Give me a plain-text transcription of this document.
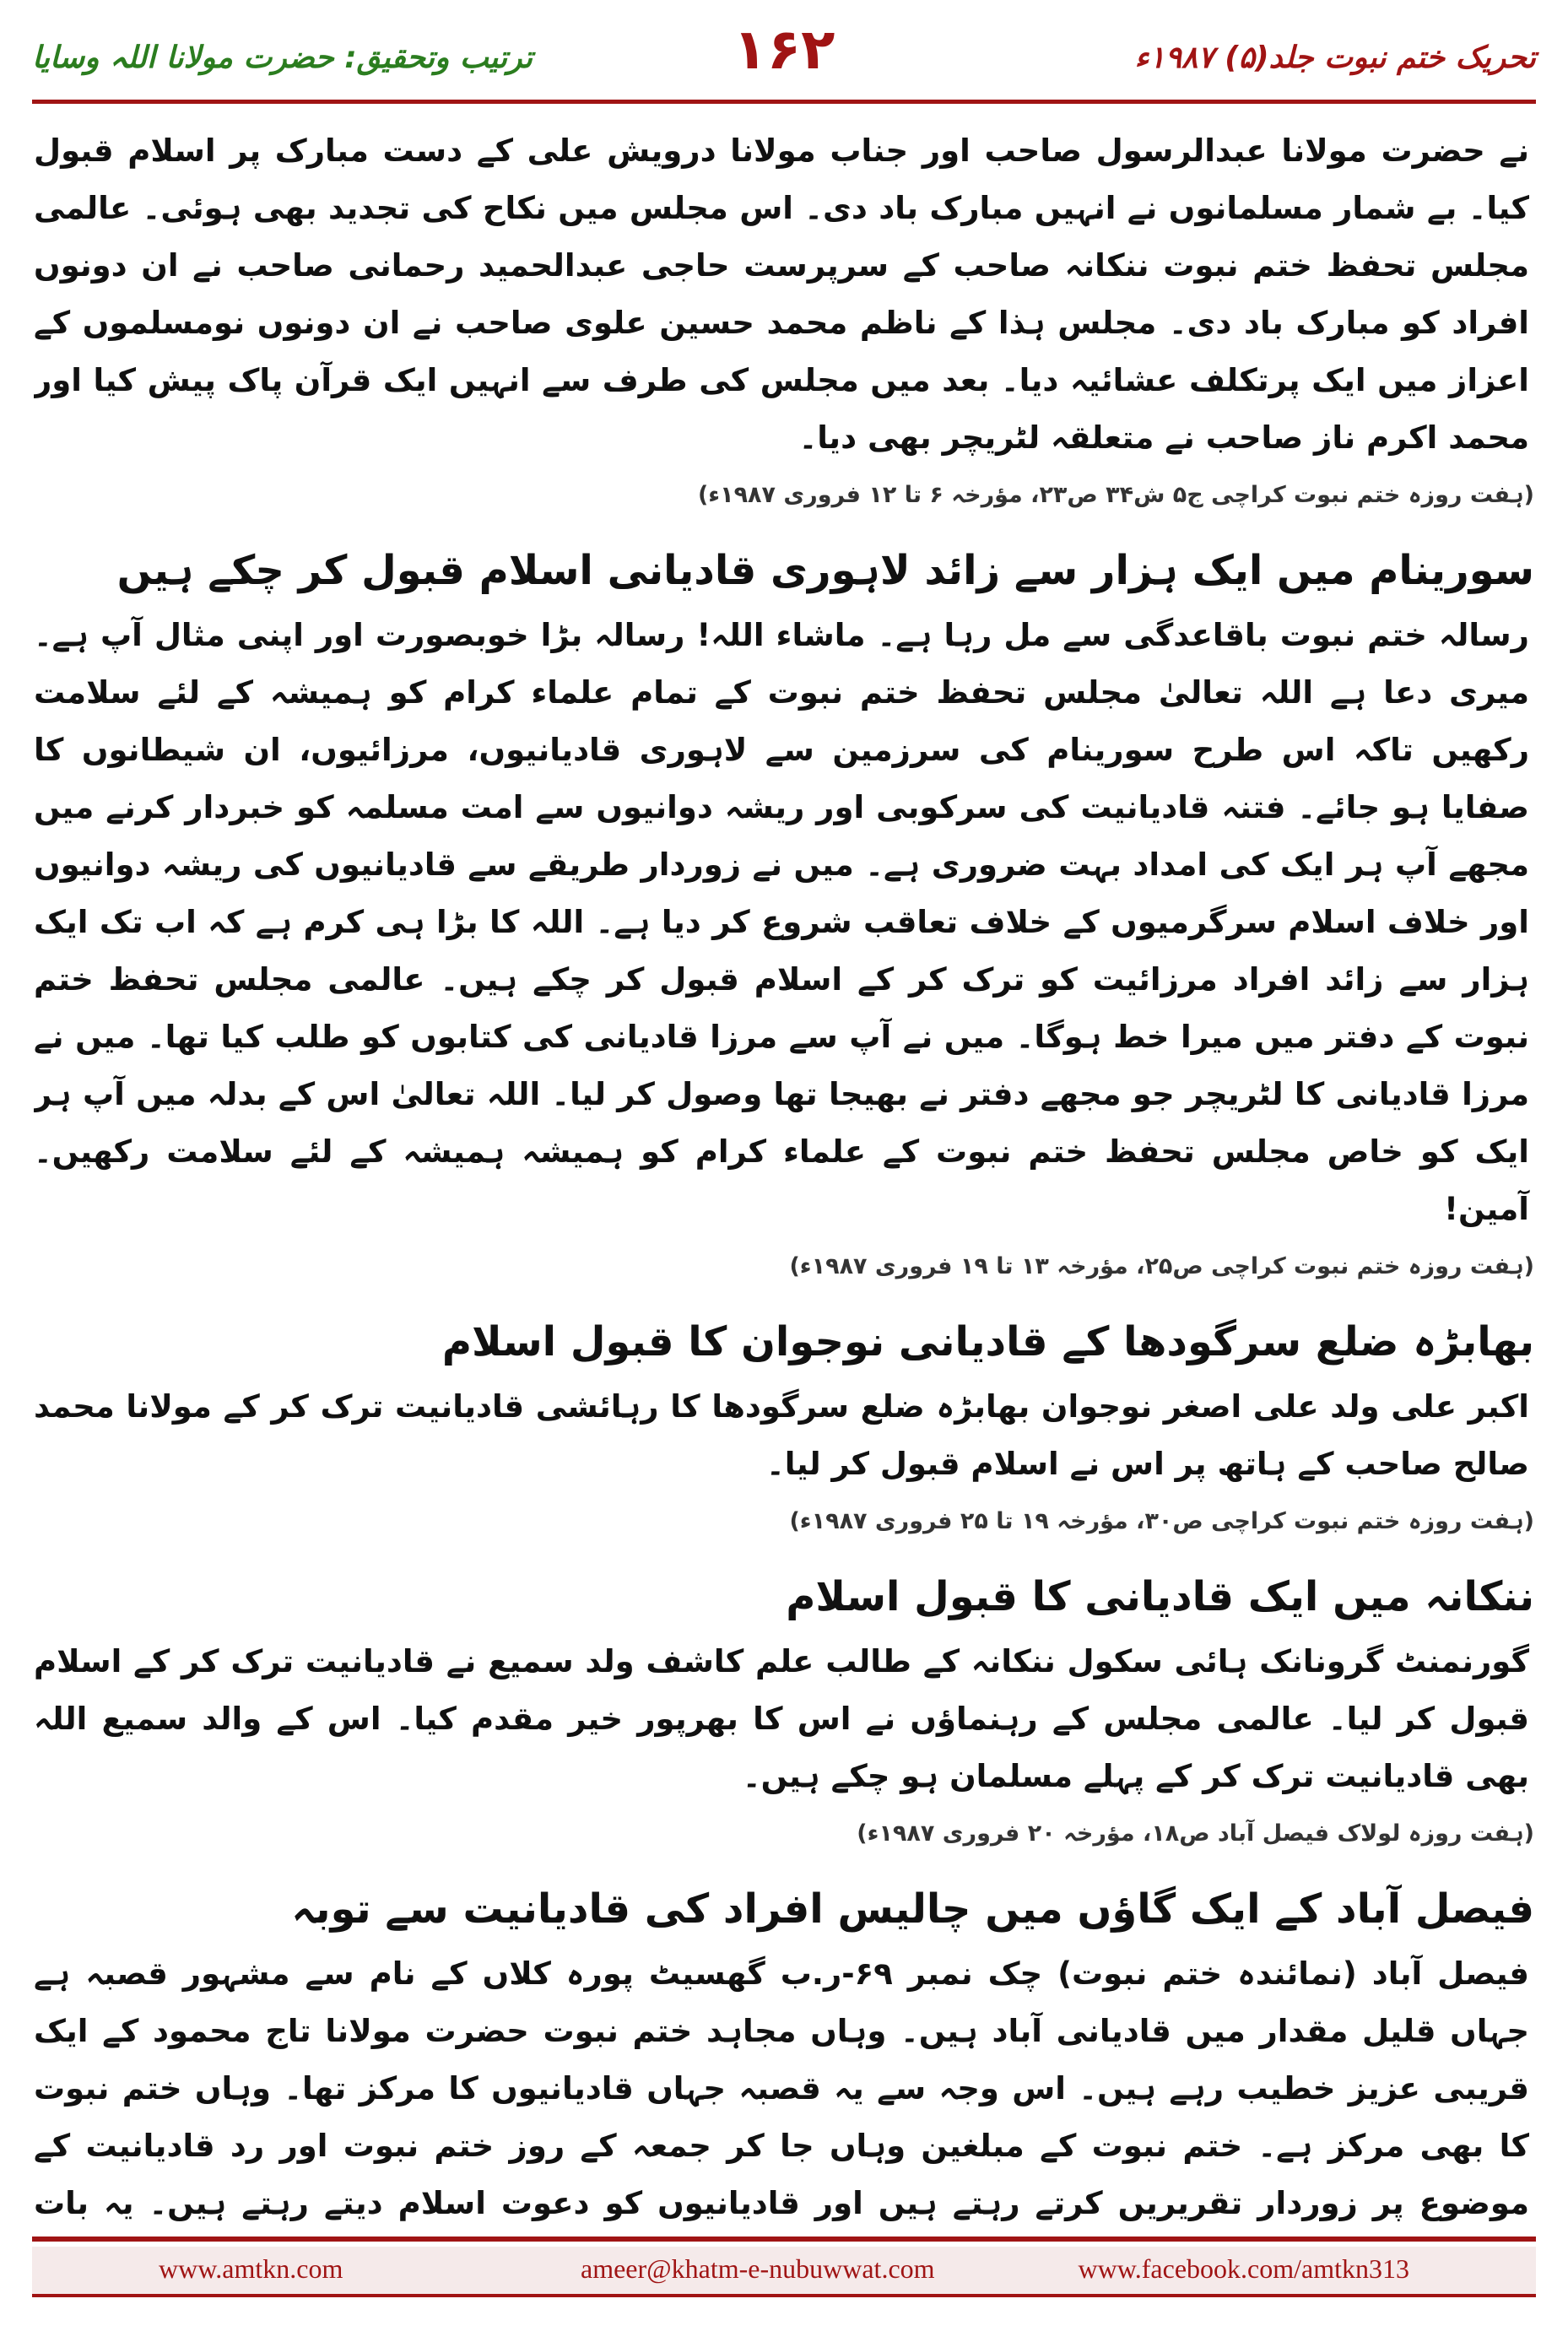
ترتیب وتحقیق: حضرت مولانا اللہ وسایا	۱۶۲	تحریک ختم نبوت جلد(۵) ۱۹۸۷ء

نے حضرت مولانا عبدالرسول صاحب اور جناب مولانا درویش علی کے دست مبارک پر اسلام قبول کیا۔ بے شمار مسلمانوں نے انہیں مبارک باد دی۔ اس مجلس میں نکاح کی تجدید بھی ہوئی۔ عالمی مجلس تحفظ ختم نبوت ننکانہ صاحب کے سرپرست حاجی عبدالحمید رحمانی صاحب نے ان دونوں افراد کو مبارک باد دی۔ مجلس ہذا کے ناظم محمد حسین علوی صاحب نے ان دونوں نومسلموں کے اعزاز میں ایک پرتکلف عشائیہ دیا۔ بعد میں مجلس کی طرف سے انہیں ایک قرآن پاک پیش کیا اور محمد اکرم ناز صاحب نے متعلقہ لٹریچر بھی دیا۔

(ہفت روزہ ختم نبوت کراچی ج۵ ش۳۴ ص۲۳، مؤرخہ ۶ تا ۱۲ فروری ۱۹۸۷ء)
سورینام میں ایک ہزار سے زائد لاہوری قادیانی اسلام قبول کر چکے ہیں

رسالہ ختم نبوت باقاعدگی سے مل رہا ہے۔ ماشاء اللہ! رسالہ بڑا خوبصورت اور اپنی مثال آپ ہے۔ میری دعا ہے اللہ تعالیٰ مجلس تحفظ ختم نبوت کے تمام علماء کرام کو ہمیشہ کے لئے سلامت رکھیں تاکہ اس طرح سورینام کی سرزمین سے لاہوری قادیانیوں، مرزائیوں، ان شیطانوں کا صفایا ہو جائے۔ فتنہ قادیانیت کی سرکوبی اور ریشہ دوانیوں سے امت مسلمہ کو خبردار کرنے میں مجھے آپ ہر ایک کی امداد بہت ضروری ہے۔ میں نے زوردار طریقے سے قادیانیوں کی ریشہ دوانیوں اور خلاف اسلام سرگرمیوں کے خلاف تعاقب شروع کر دیا ہے۔ اللہ کا بڑا ہی کرم ہے کہ اب تک ایک ہزار سے زائد افراد مرزائیت کو ترک کر کے اسلام قبول کر چکے ہیں۔ عالمی مجلس تحفظ ختم نبوت کے دفتر میں میرا خط ہوگا۔ میں نے آپ سے مرزا قادیانی کی کتابوں کو طلب کیا تھا۔ میں نے مرزا قادیانی کا لٹریچر جو مجھے دفتر نے بھیجا تھا وصول کر لیا۔ اللہ تعالیٰ اس کے بدلہ میں آپ ہر ایک کو خاص مجلس تحفظ ختم نبوت کے علماء کرام کو ہمیشہ ہمیشہ کے لئے سلامت رکھیں۔ آمین!

(ہفت روزہ ختم نبوت کراچی ص۲۵، مؤرخہ ۱۳ تا ۱۹ فروری ۱۹۸۷ء)
بھابڑہ ضلع سرگودھا کے قادیانی نوجوان کا قبول اسلام

اکبر علی ولد علی اصغر نوجوان بھابڑہ ضلع سرگودھا کا رہائشی قادیانیت ترک کر کے مولانا محمد صالح صاحب کے ہاتھ پر اس نے اسلام قبول کر لیا۔

(ہفت روزہ ختم نبوت کراچی ص۳۰، مؤرخہ ۱۹ تا ۲۵ فروری ۱۹۸۷ء)
ننکانہ میں ایک قادیانی کا قبول اسلام

گورنمنٹ گرونانک ہائی سکول ننکانہ کے طالب علم کاشف ولد سمیع نے قادیانیت ترک کر کے اسلام قبول کر لیا۔ عالمی مجلس کے رہنماؤں نے اس کا بھرپور خیر مقدم کیا۔ اس کے والد سمیع اللہ بھی قادیانیت ترک کر کے پہلے مسلمان ہو چکے ہیں۔

(ہفت روزہ لولاک فیصل آباد ص۱۸، مؤرخہ ۲۰ فروری ۱۹۸۷ء)
فیصل آباد کے ایک گاؤں میں چالیس افراد کی قادیانیت سے توبہ

فیصل آباد (نمائندہ ختم نبوت) چک نمبر ۶۹-ر.ب گھسیٹ پورہ کلاں کے نام سے مشہور قصبہ ہے جہاں قلیل مقدار میں قادیانی آباد ہیں۔ وہاں مجاہد ختم نبوت حضرت مولانا تاج محمود کے ایک قریبی عزیز خطیب رہے ہیں۔ اس وجہ سے یہ قصبہ جہاں قادیانیوں کا مرکز تھا۔ وہاں ختم نبوت کا بھی مرکز ہے۔ ختم نبوت کے مبلغین وہاں جا کر جمعہ کے روز ختم نبوت اور رد قادیانیت کے موضوع پر زوردار تقریریں کرتے رہتے ہیں اور قادیانیوں کو دعوت اسلام دیتے رہتے ہیں۔ یہ بات

www.amtkn.com	ameer@khatm-e-nubuwwat.com	www.facebook.com/amtkn313
